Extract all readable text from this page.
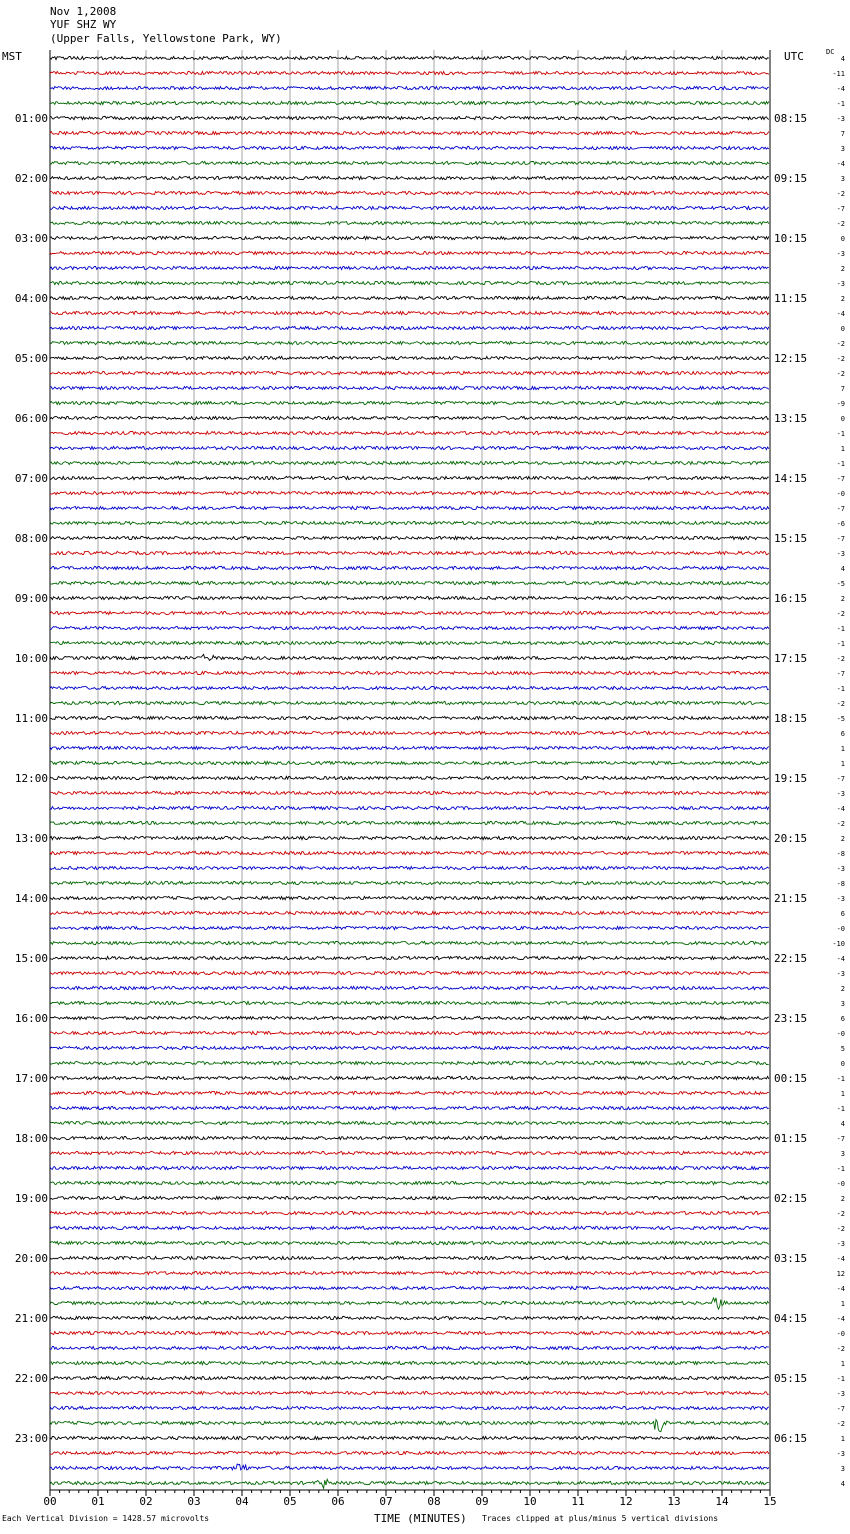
Nov 1,2008
YUF SHZ WY
(Upper Falls, Yellowstone Park, WY)
MST	UTC	DC
00	01	02	03	04	05	06	07	08	09	10	11	12	13	14	15
4
-11
-4
-1
-3
7
3
-4
3
-2
-7
-2
0
-3
2
-3
2
-4
0
-2
-2
-2
7
-9
0
-1
1
-1
-7
-0
-7
-6
-7
-3
4
-5
2
-2
-1
-1
-2
-7
-1
-2
-5
6
1
1
-7
-3
-4
-2
2
-8
-3
-8
-3
6
-0
-10
-4
-3
2
3
6
-0
5
0
-1
1
-1
4
-7
3
-1
-0
2
-2
-2
-3
-4
12
-4
1
-4
-0
-2
1
-1
-3
-7
-2
1
-3
3
4
01:00
02:00
03:00
04:00
05:00
06:00
07:00
08:00
09:00
10:00
11:00
12:00
13:00
14:00
15:00
16:00
17:00
18:00
19:00
20:00
21:00
22:00
23:00
08:15
09:15
10:15
11:15
12:15
13:15
14:15
15:15
16:15
17:15
18:15
19:15
20:15
21:15
22:15
23:15
00:15
01:15
02:15
03:15
04:15
05:15
06:15
Each Vertical Division = 1428.57 microvolts	TIME (MINUTES) Traces clipped at plus/minus 5 vertical divisions
